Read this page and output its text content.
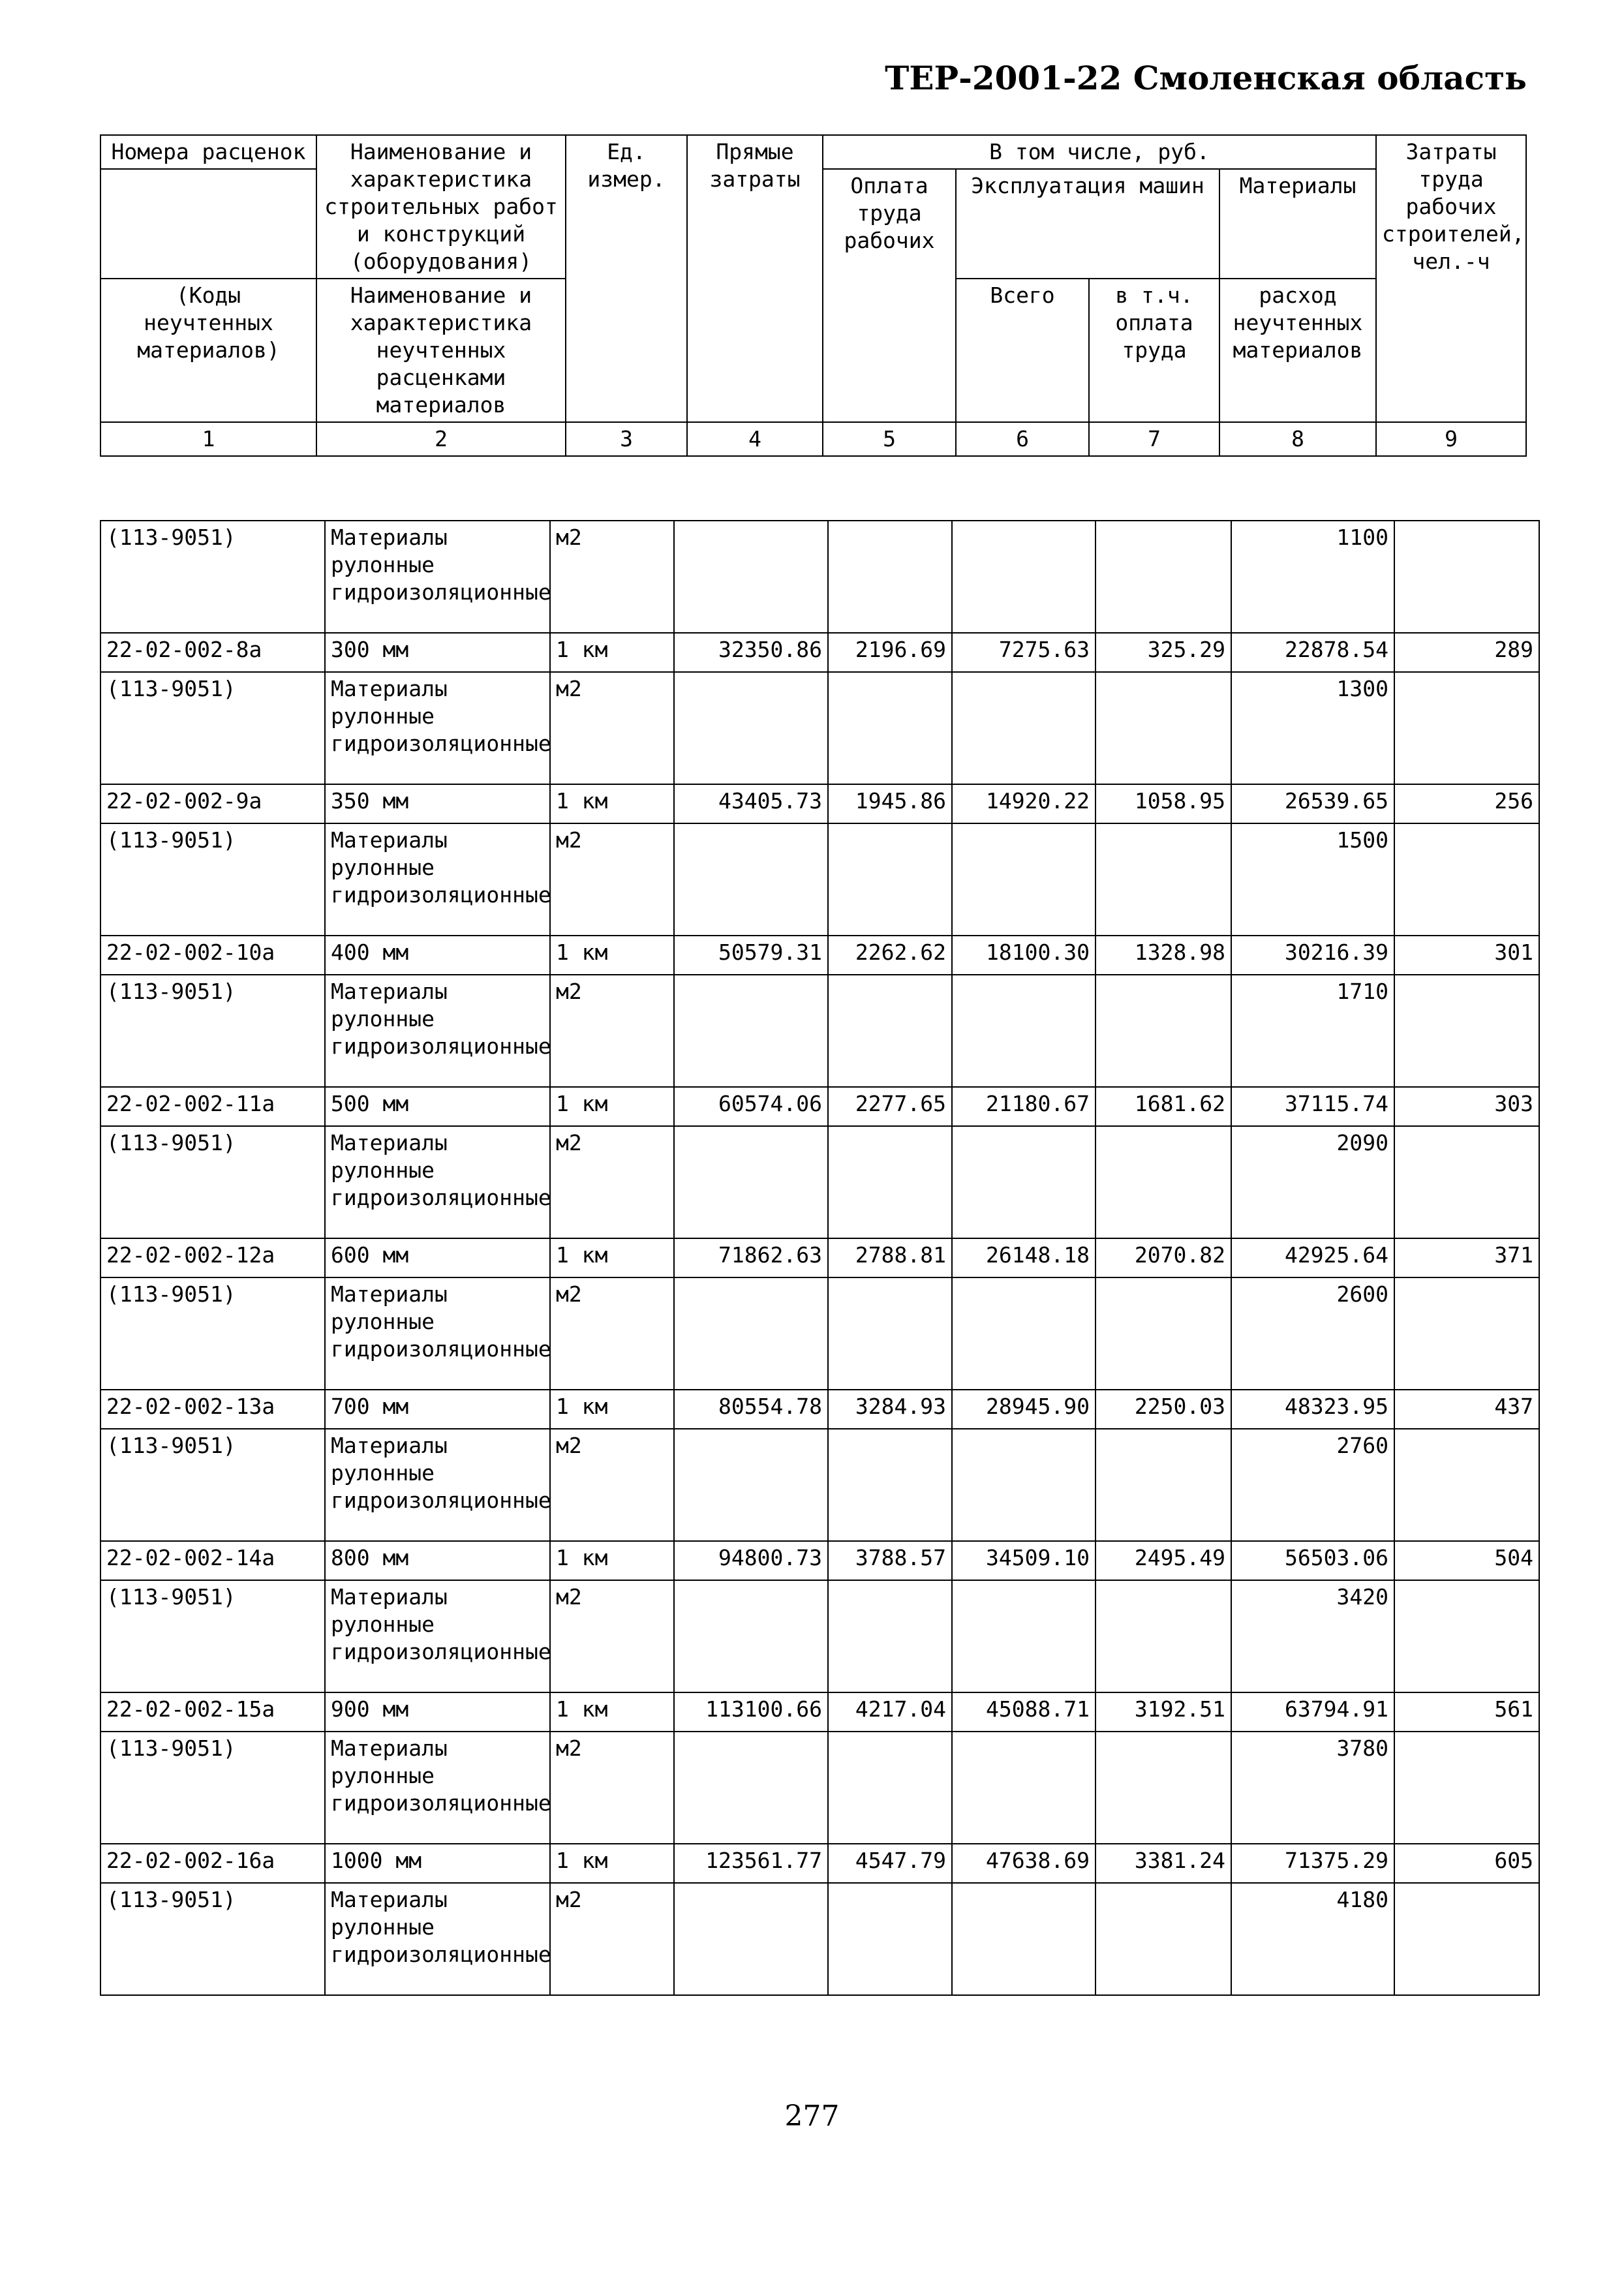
ТЕР-2001-22 Смоленская область
Номера расценок	Наименование и характеристика строительных работ и конструкций (оборудования)	Ед. измер.	Прямые затраты	В том числе, руб.				Затраты труда рабочих строителей, чел.-ч
				Оплата труда рабочих	Эксплуатация машин		Материалы	
(Коды неучтенных материалов)	Наименование и характеристика неучтенных расценками материалов				Всего	в т.ч. оплата труда	расход неучтенных материалов	
1	2	3	4	5	6	7	8	9
(113-9051)	Материалы рулонные гидроизоляционные	м2					1100	
22-02-002-8a	300 мм	1 км	32350.86	2196.69	7275.63	325.29	22878.54	289
(113-9051)	Материалы рулонные гидроизоляционные	м2					1300	
22-02-002-9a	350 мм	1 км	43405.73	1945.86	14920.22	1058.95	26539.65	256
(113-9051)	Материалы рулонные гидроизоляционные	м2					1500	
22-02-002-10a	400 мм	1 км	50579.31	2262.62	18100.30	1328.98	30216.39	301
(113-9051)	Материалы рулонные гидроизоляционные	м2					1710	
22-02-002-11a	500 мм	1 км	60574.06	2277.65	21180.67	1681.62	37115.74	303
(113-9051)	Материалы рулонные гидроизоляционные	м2					2090	
22-02-002-12a	600 мм	1 км	71862.63	2788.81	26148.18	2070.82	42925.64	371
(113-9051)	Материалы рулонные гидроизоляционные	м2					2600	
22-02-002-13a	700 мм	1 км	80554.78	3284.93	28945.90	2250.03	48323.95	437
(113-9051)	Материалы рулонные гидроизоляционные	м2					2760	
22-02-002-14a	800 мм	1 км	94800.73	3788.57	34509.10	2495.49	56503.06	504
(113-9051)	Материалы рулонные гидроизоляционные	м2					3420	
22-02-002-15a	900 мм	1 км	113100.66	4217.04	45088.71	3192.51	63794.91	561
(113-9051)	Материалы рулонные гидроизоляционные	м2					3780	
22-02-002-16a	1000 мм	1 км	123561.77	4547.79	47638.69	3381.24	71375.29	605
(113-9051)	Материалы рулонные гидроизоляционные	м2					4180	
277
